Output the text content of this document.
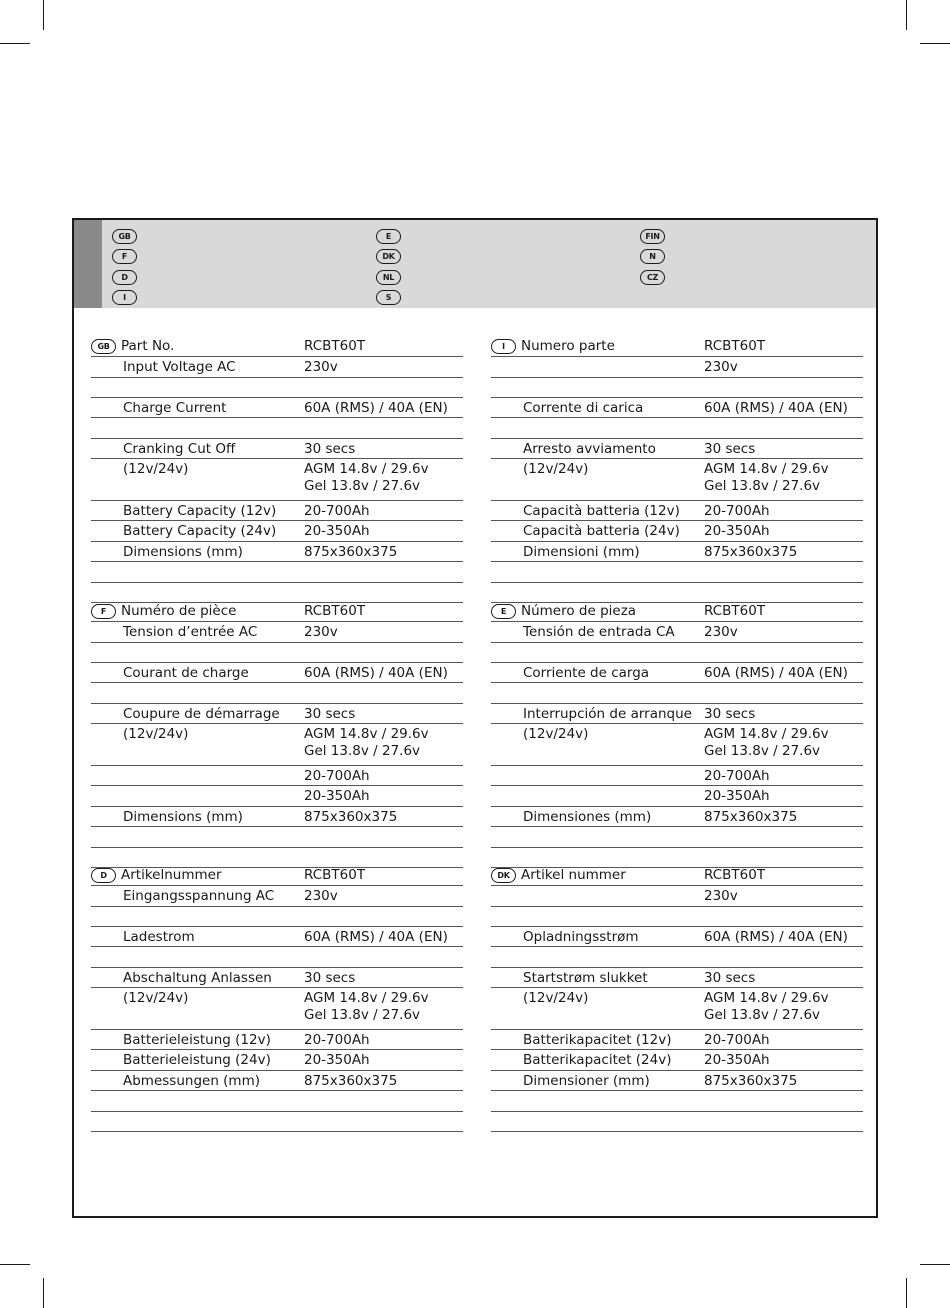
GB
F
D
I
E
DK
NL
S
FIN
N
CZ
GB Part No.	RCBT60T
Input Voltage AC	230v
Charge Current	60A (RMS) / 40A (EN)
Cranking Cut Off	30 secs
(12v/24v)	AGM 14.8v / 29.6v
Gel 13.8v / 27.6v
Battery Capacity (12v) 20-700Ah
Battery Capacity (24v) 20-350Ah
Dimensions (mm)	875x360x375
I	Numero parte	RCBT60T
230v
Corrente di carica	60A (RMS) / 40A (EN)
Arresto avviamento	30 secs
(12v/24v)	AGM 14.8v / 29.6v
Gel 13.8v / 27.6v
Capacità batteria (12v) 20-700Ah
Capacità batteria (24v) 20-350Ah
Dimensioni (mm)	875x360x375
F	Numéro de pièce	RCBT60T
Tension d’entrée AC	230v
Courant de charge	60A (RMS) / 40A (EN)
Coupure de démarrage 30 secs
(12v/24v)	AGM 14.8v / 29.6v
Gel 13.8v / 27.6v
20-700Ah
20-350Ah
Dimensions (mm)	875x360x375
E	Número de pieza	RCBT60T
Tensión de entrada CA 230v
Corriente de carga	60A (RMS) / 40A (EN)
Interrupción de arranque 30 secs
(12v/24v)	AGM 14.8v / 29.6v
Gel 13.8v / 27.6v
20-700Ah
20-350Ah
Dimensiones (mm)	875x360x375
D	Artikelnummer	RCBT60T
Eingangsspannung AC 230v
Ladestrom	60A (RMS) / 40A (EN)
Abschaltung Anlassen 30 secs
(12v/24v)	AGM 14.8v / 29.6v
Gel 13.8v / 27.6v
Batterieleistung (12v) 20-700Ah
Batterieleistung (24v) 20-350Ah
Abmessungen (mm)	875x360x375
DK Artikel nummer	RCBT60T
230v
Opladningsstrøm	60A (RMS) / 40A (EN)
Startstrøm slukket	30 secs
(12v/24v)	AGM 14.8v / 29.6v
Gel 13.8v / 27.6v
Batterikapacitet (12v) 20-700Ah
Batterikapacitet (24v) 20-350Ah
Dimensioner (mm)	875x360x375
